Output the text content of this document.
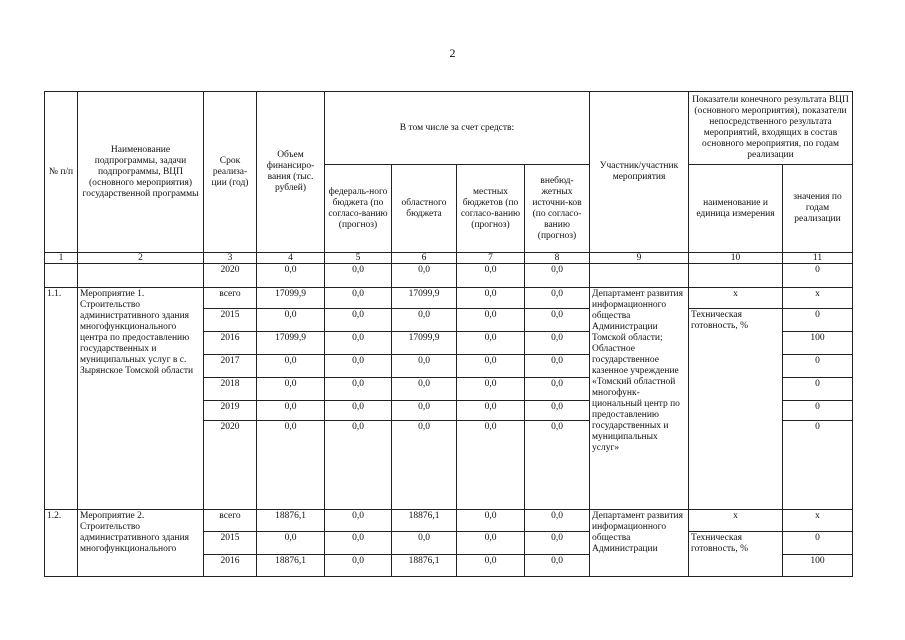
2
№ п/п	Наименование подпрограммы, задачи подпрограммы, ВЦП (основного мероприятия) государственной программы	Срок реализа-ции (год)	Объем финансиро-вания (тыс. рублей)	В том числе за счет средств:				Участник/участник мероприятия	Показатели конечного результата ВЦП (основного мероприятия), показатели непосредственного результата мероприятий, входящих в состав основного мероприятия, по годам реализации	
				федераль-ного бюджета (по согласо-ванию (прогноз)	областного бюджета	местных бюджетов (по согласо-ванию (прогноз)	внебюд-жетных источни-ков (по согласо-ванию (прогноз)		наименование и единица измерения	значения по годам реализации
1	2	3	4	5	6	7	8	9	10	11
		2020	0,0	0,0	0,0	0,0	0,0			0
1.1.	Мероприятие 1. Строительство административного здания многофункционального центра по предоставлению государственных и муниципальных услуг в с. Зырянское Томской области	всего	17099,9	0,0	17099,9	0,0	0,0	Департамент развития информационного общества Администрации Томской области; Областное государственное казенное учреждение «Томский областной многофунк-циональный центр по предоставлению государственных и муниципальных услуг»	x	x
		2015	0,0	0,0	0,0	0,0	0,0		Техническая готовность, %	0
		2016	17099,9	0,0	17099,9	0,0	0,0			100
		2017	0,0	0,0	0,0	0,0	0,0			0
		2018	0,0	0,0	0,0	0,0	0,0			0
		2019	0,0	0,0	0,0	0,0	0,0			0
		2020	0,0	0,0	0,0	0,0	0,0			0
1.2.	Мероприятие 2. Строительство административного здания многофункционального	всего	18876,1	0,0	18876,1	0,0	0,0	Департамент развития информационного общества Администрации	x	x
		2015	0,0	0,0	0,0	0,0	0,0		Техническая готовность, %	0
		2016	18876,1	0,0	18876,1	0,0	0,0			100
